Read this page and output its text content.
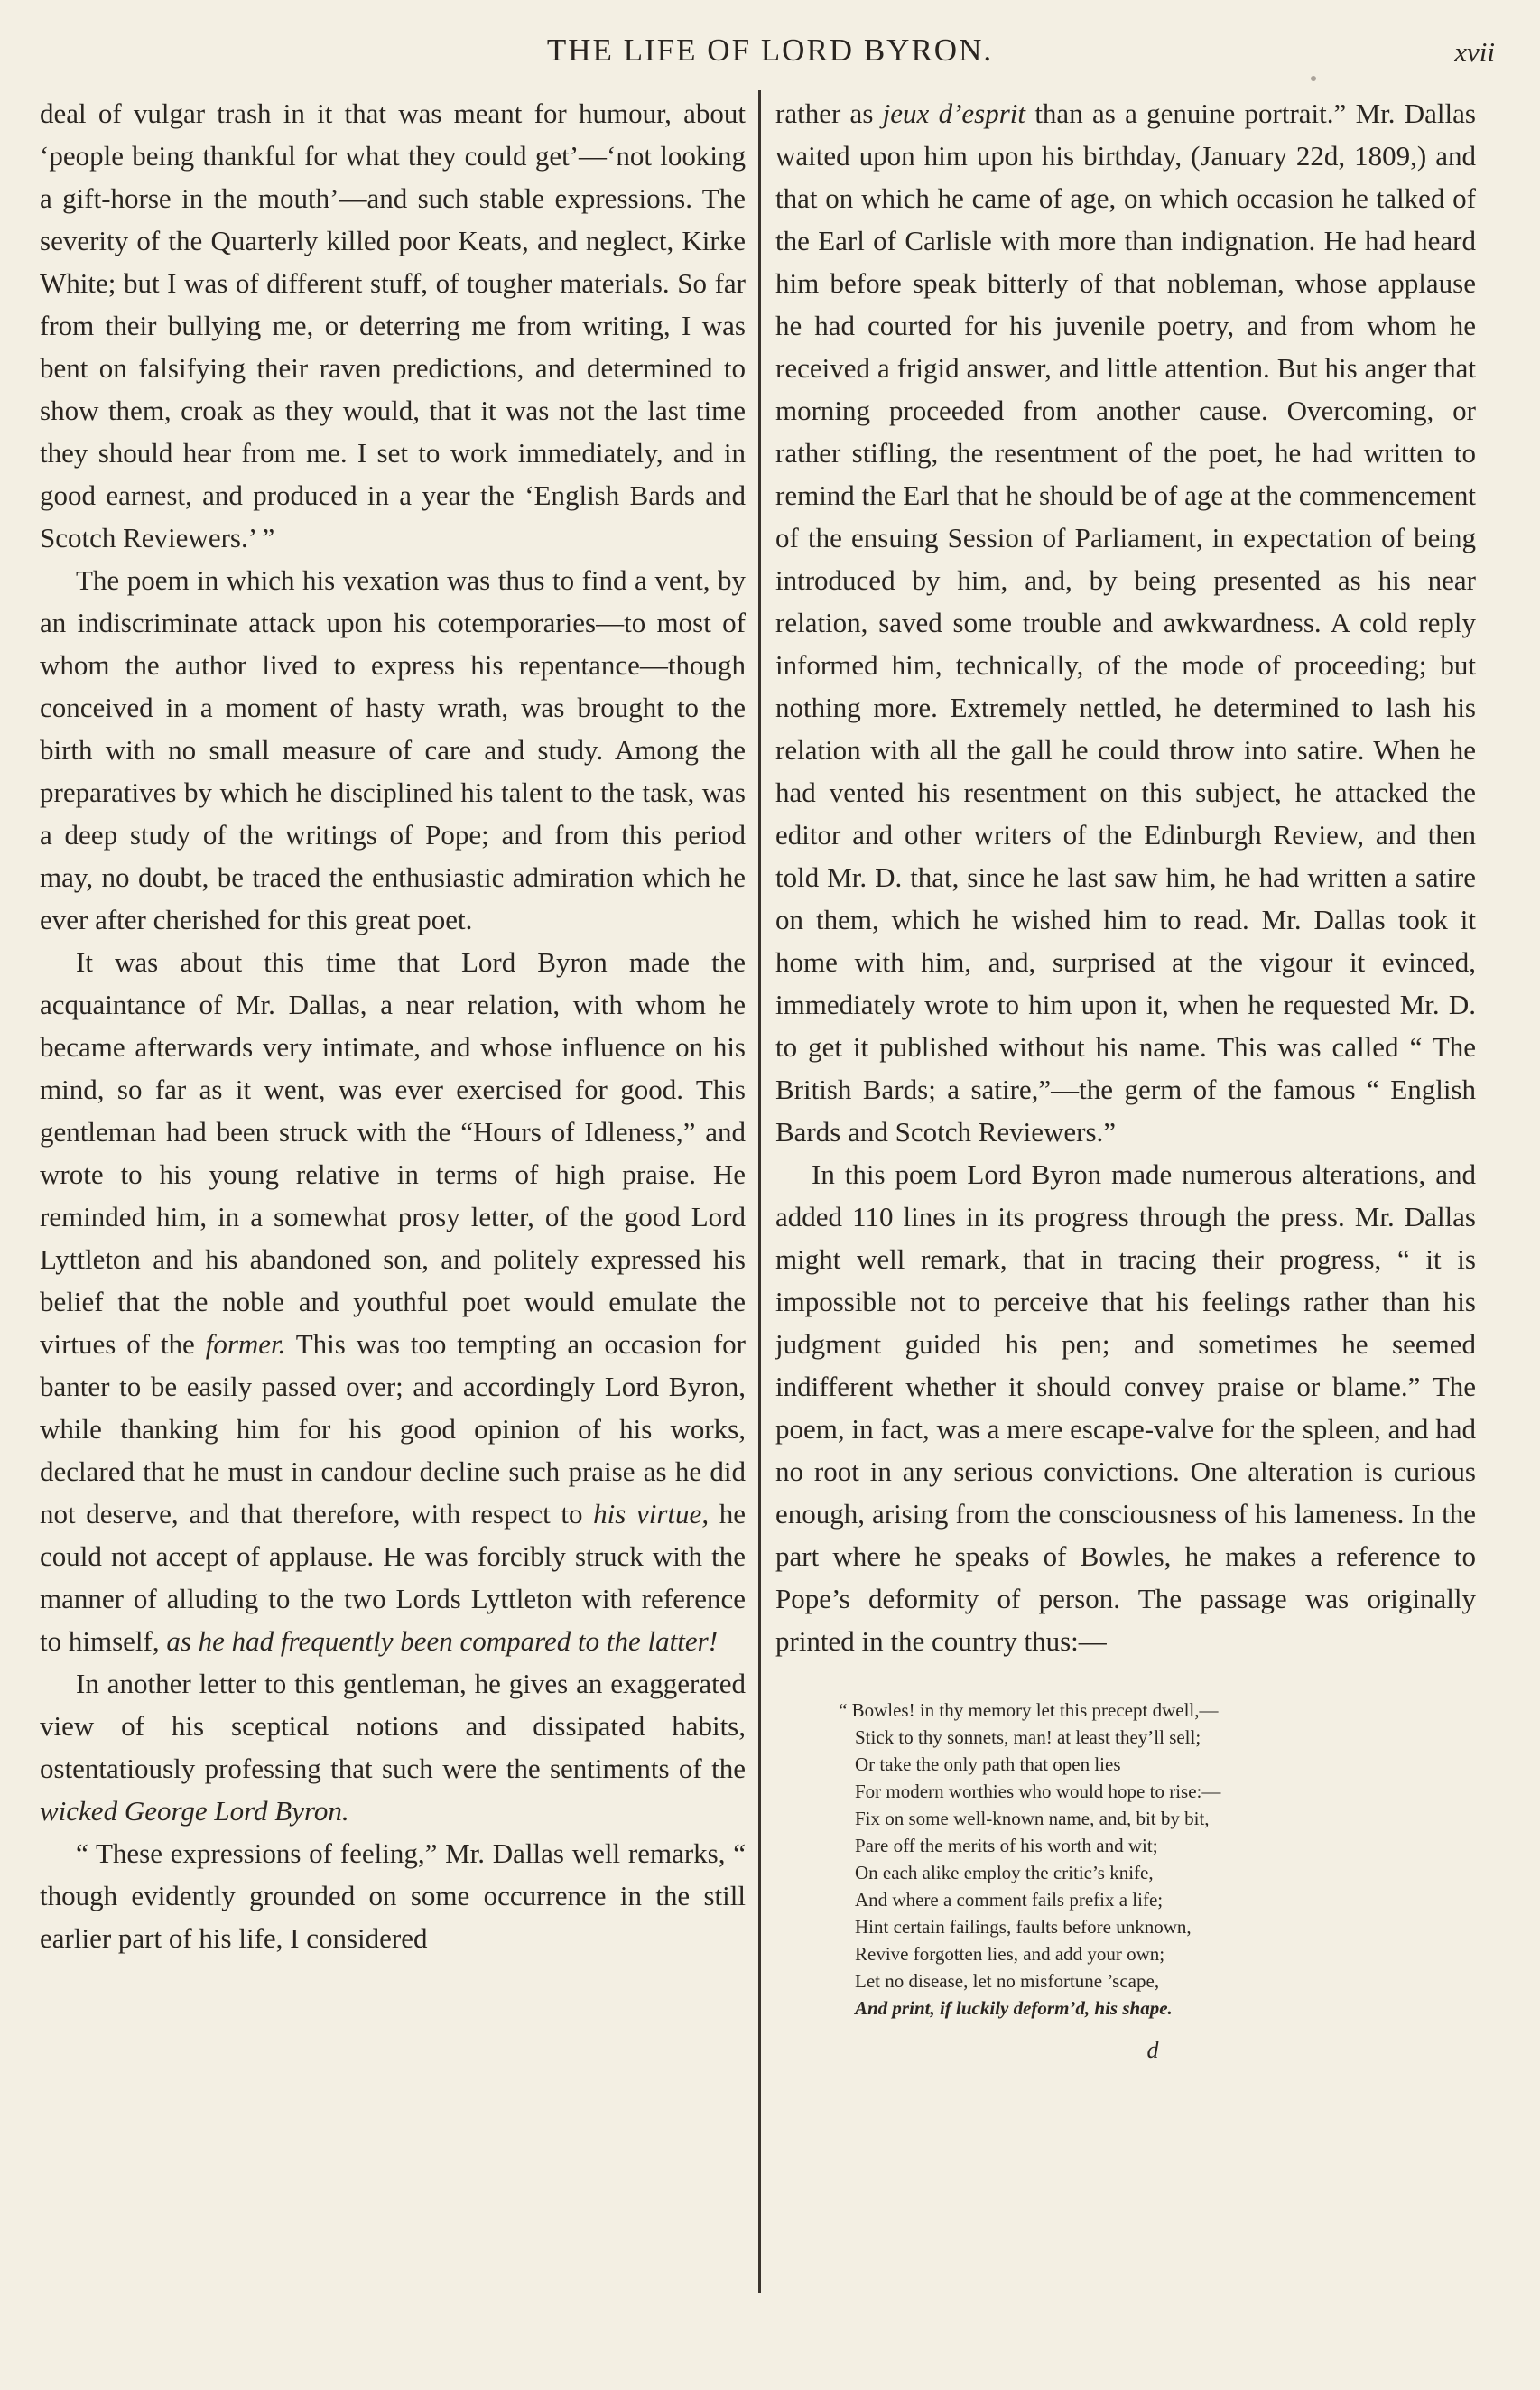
THE LIFE OF LORD BYRON.	xvii

deal of vulgar trash in it that was meant for humour, about ‘people being thankful for what they could get’—‘not looking a gift-horse in the mouth’—and such stable expressions. The severity of the Quarterly killed poor Keats, and neglect, Kirke White; but I was of different stuff, of tougher materials. So far from their bullying me, or deterring me from writing, I was bent on falsifying their raven predictions, and determined to show them, croak as they would, that it was not the last time they should hear from me. I set to work immediately, and in good earnest, and produced in a year the ‘English Bards and Scotch Reviewers.’ ”

The poem in which his vexation was thus to find a vent, by an indiscriminate attack upon his cotemporaries—to most of whom the author lived to express his repentance—though conceived in a moment of hasty wrath, was brought to the birth with no small measure of care and study. Among the preparatives by which he disciplined his talent to the task, was a deep study of the writings of Pope; and from this period may, no doubt, be traced the enthusiastic admiration which he ever after cherished for this great poet.

It was about this time that Lord Byron made the acquaintance of Mr. Dallas, a near relation, with whom he became afterwards very intimate, and whose influence on his mind, so far as it went, was ever exercised for good. This gentleman had been struck with the “Hours of Idleness,” and wrote to his young relative in terms of high praise. He reminded him, in a somewhat prosy letter, of the good Lord Lyttleton and his abandoned son, and politely expressed his belief that the noble and youthful poet would emulate the virtues of the former. This was too tempting an occasion for banter to be easily passed over; and accordingly Lord Byron, while thanking him for his good opinion of his works, declared that he must in candour decline such praise as he did not deserve, and that therefore, with respect to his virtue, he could not accept of applause. He was forcibly struck with the manner of alluding to the two Lords Lyttleton with reference to himself, as he had frequently been compared to the latter!

In another letter to this gentleman, he gives an exaggerated view of his sceptical notions and dissipated habits, ostentatiously professing that such were the sentiments of the wicked George Lord Byron.

“ These expressions of feeling,” Mr. Dallas well remarks, “ though evidently grounded on some occurrence in the still earlier part of his life, I considered

rather as jeux d’esprit than as a genuine portrait.” Mr. Dallas waited upon him upon his birthday, (January 22d, 1809,) and that on which he came of age, on which occasion he talked of the Earl of Carlisle with more than indignation. He had heard him before speak bitterly of that nobleman, whose applause he had courted for his juvenile poetry, and from whom he received a frigid answer, and little attention. But his anger that morning proceeded from another cause. Overcoming, or rather stifling, the resentment of the poet, he had written to remind the Earl that he should be of age at the commencement of the ensuing Session of Parliament, in expectation of being introduced by him, and, by being presented as his near relation, saved some trouble and awkwardness. A cold reply informed him, technically, of the mode of proceeding; but nothing more. Extremely nettled, he determined to lash his relation with all the gall he could throw into satire. When he had vented his resentment on this subject, he attacked the editor and other writers of the Edinburgh Review, and then told Mr. D. that, since he last saw him, he had written a satire on them, which he wished him to read. Mr. Dallas took it home with him, and, surprised at the vigour it evinced, immediately wrote to him upon it, when he requested Mr. D. to get it published without his name. This was called “ The British Bards; a satire,”—the germ of the famous “ English Bards and Scotch Reviewers.”

In this poem Lord Byron made numerous alterations, and added 110 lines in its progress through the press. Mr. Dallas might well remark, that in tracing their progress, “ it is impossible not to perceive that his feelings rather than his judgment guided his pen; and sometimes he seemed indifferent whether it should convey praise or blame.” The poem, in fact, was a mere escape-valve for the spleen, and had no root in any serious convictions. One alteration is curious enough, arising from the consciousness of his lameness. In the part where he speaks of Bowles, he makes a reference to Pope’s deformity of person. The passage was originally printed in the country thus:—

“ Bowles! in thy memory let this precept dwell,—
Stick to thy sonnets, man! at least they’ll sell;
Or take the only path that open lies
For modern worthies who would hope to rise:—
Fix on some well-known name, and, bit by bit,
Pare off the merits of his worth and wit;
On each alike employ the critic’s knife,
And where a comment fails prefix a life;
Hint certain failings, faults before unknown,
Revive forgotten lies, and add your own;
Let no disease, let no misfortune ’scape,
And print, if luckily deform’d, his shape.
d
